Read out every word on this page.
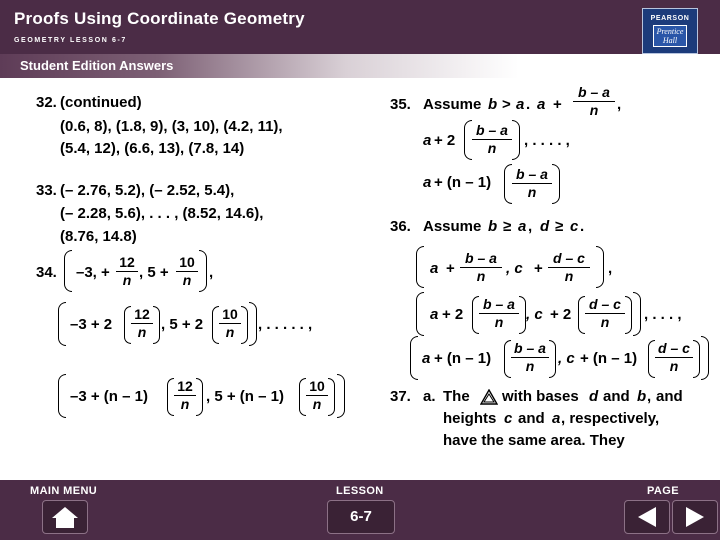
Proofs Using Coordinate Geometry
GEOMETRY LESSON 6-7
PEARSON
Prentice
Hall
Student Edition Answers
32. (continued)
(0.6, 8), (1.8, 9), (3, 10), (4.2, 11),
(5.4, 12), (6.6, 13), (7.8, 14)
33. (– 2.76, 5.2), (– 2.52, 5.4),
(– 2.28, 5.6), . . . , (8.52, 14.6),
(8.76, 14.8)
34. –3, + $\frac{12}{n}$ , $5 + \frac{10}{n}$ ,
$-3 + 2 \frac{12}{n}$ , $5 + 2 \frac{10}{n}$ , . . . . . ,
$-3 + (n - 1) \frac{12}{n}$ , $5 + (n - 1) \frac{10}{n}$
35. Assume b > a . $a + \frac{b - a}{n}$ ,
$a + 2 \frac{b - a}{n}$ , . . . . ,
$a + (n - 1) \frac{b - a}{n}$
36. Assume b ≥ a , d ≥ c .
$a + \frac{b - a}{n}$ , $c + \frac{d - c}{n}$ ,
$a + 2 \frac{b - a}{n}$ , $c + 2 \frac{d - c}{n}$ , . . . ,
$a + (n - 1) \frac{b - a}{n}$ , $c + (n - 1) \frac{d - c}{n}$
37. a. The with bases d and b , and
heights c and a , respectively,
have the same area. They
MAIN MENU	LESSON	PAGE
6-7
